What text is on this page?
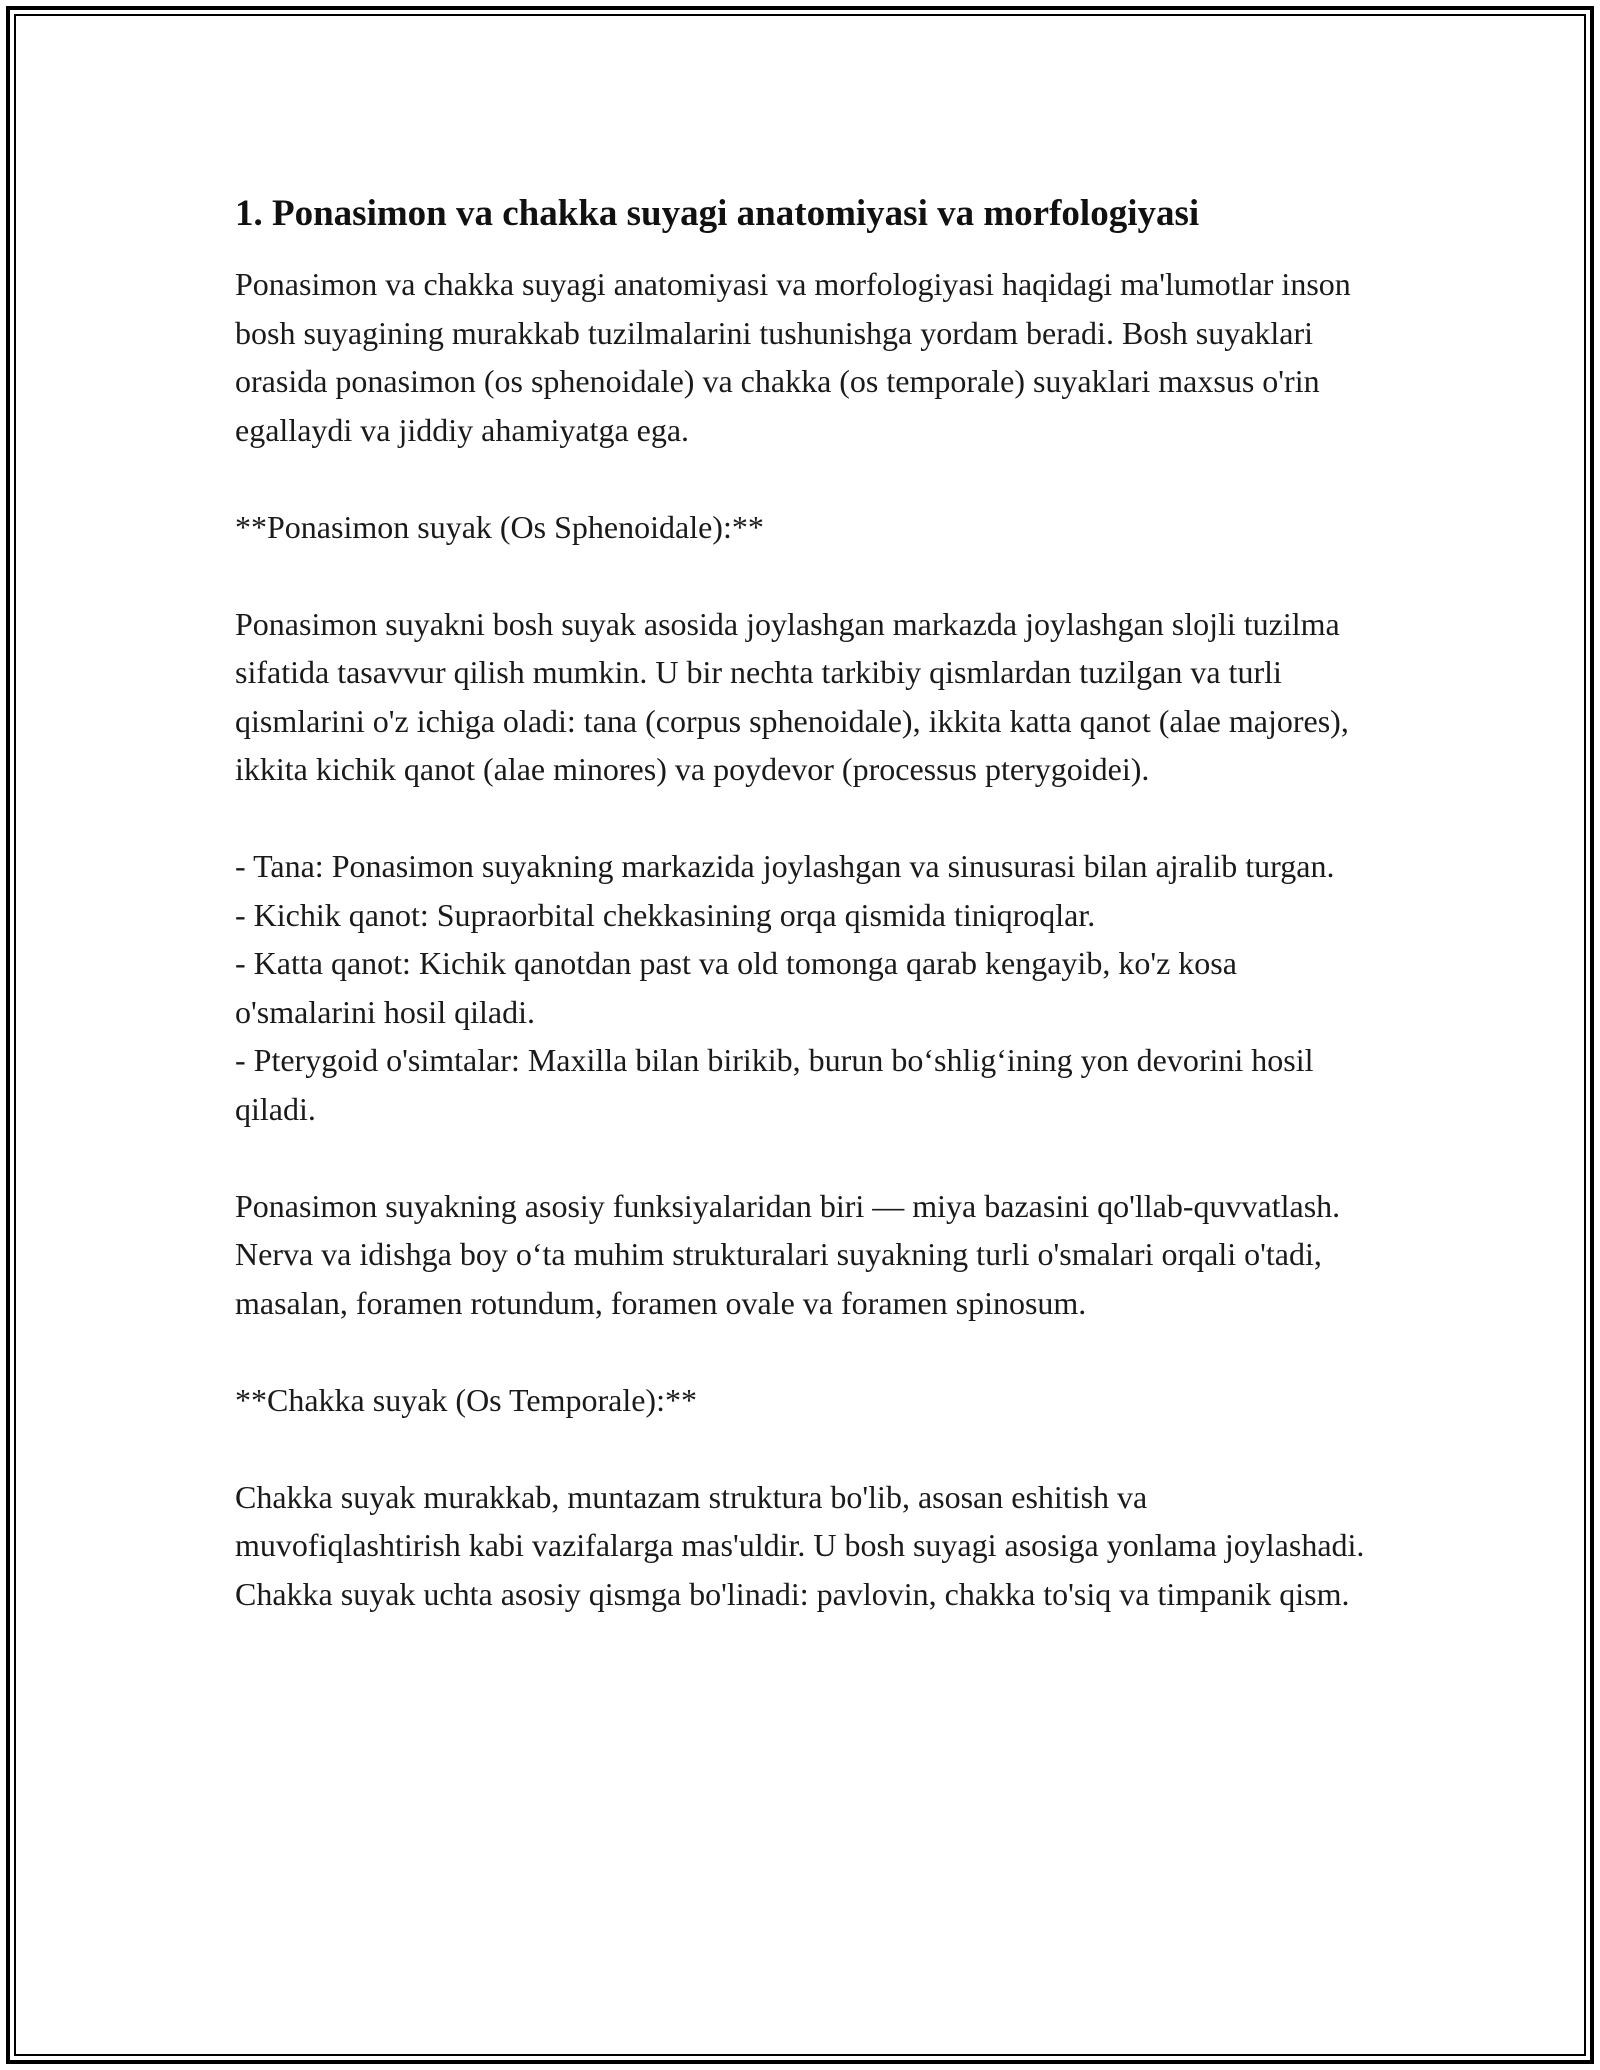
1. Ponasimon va chakka suyagi anatomiyasi va morfologiyasi

Ponasimon va chakka suyagi anatomiyasi va morfologiyasi haqidagi ma'lumotlar inson bosh suyagining murakkab tuzilmalarini tushunishga yordam beradi. Bosh suyaklari orasida ponasimon (os sphenoidale) va chakka (os temporale) suyaklari maxsus o'rin egallaydi va jiddiy ahamiyatga ega.

**Ponasimon suyak (Os Sphenoidale):**

Ponasimon suyakni bosh suyak asosida joylashgan markazda joylashgan slojli tuzilma sifatida tasavvur qilish mumkin. U bir nechta tarkibiy qismlardan tuzilgan va turli qismlarini o'z ichiga oladi: tana (corpus sphenoidale), ikkita katta qanot (alae majores), ikkita kichik qanot (alae minores) va poydevor (processus pterygoidei).

- Tana: Ponasimon suyakning markazida joylashgan va sinusurasi bilan ajralib turgan.

- Kichik qanot: Supraorbital chekkasining orqa qismida tiniqroqlar.

- Katta qanot: Kichik qanotdan past va old tomonga qarab kengayib, ko'z kosa o'smalarini hosil qiladi.

- Pterygoid o'simtalar: Maxilla bilan birikib, burun bo‘shlig‘ining yon devorini hosil qiladi.

Ponasimon suyakning asosiy funksiyalaridan biri — miya bazasini qo'llab-quvvatlash. Nerva va idishga boy o‘ta muhim strukturalari suyakning turli o'smalari orqali o'tadi, masalan, foramen rotundum, foramen ovale va foramen spinosum.

**Chakka suyak (Os Temporale):**

Chakka suyak murakkab, muntazam struktura bo'lib, asosan eshitish va muvofiqlashtirish kabi vazifalarga mas'uldir. U bosh suyagi asosiga yonlama joylashadi. Chakka suyak uchta asosiy qismga bo'linadi: pavlovin, chakka to'siq va timpanik qism.
